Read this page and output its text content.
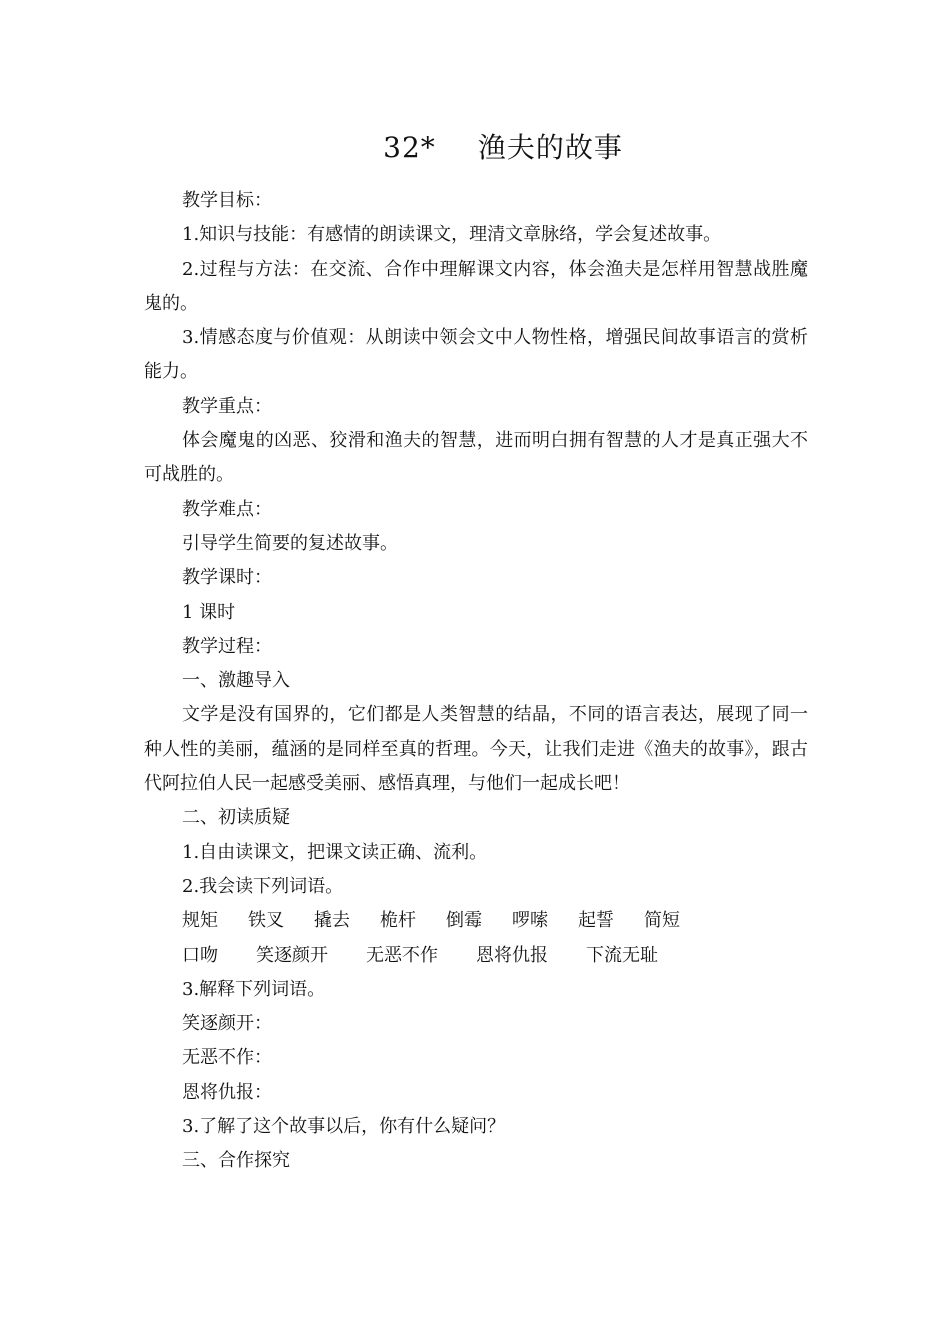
32* 渔夫的故事

教学目标：

1.知识与技能：有感情的朗读课文，理清文章脉络，学会复述故事。

2.过程与方法：在交流、合作中理解课文内容，体会渔夫是怎样用智慧战胜魔鬼的。

3.情感态度与价值观：从朗读中领会文中人物性格，增强民间故事语言的赏析能力。

教学重点：

体会魔鬼的凶恶、狡滑和渔夫的智慧，进而明白拥有智慧的人才是真正强大不可战胜的。

教学难点：

引导学生简要的复述故事。

教学课时：

1 课时

教学过程：

一、激趣导入

文学是没有国界的，它们都是人类智慧的结晶，不同的语言表达，展现了同一种人性的美丽，蕴涵的是同样至真的哲理。今天，让我们走进《渔夫的故事》，跟古代阿拉伯人民一起感受美丽、感悟真理，与他们一起成长吧！

二、初读质疑

1.自由读课文，把课文读正确、流利。

2.我会读下列词语。

规矩 铁叉 撬去 桅杆 倒霉 啰嗦 起誓 简短

口吻 笑逐颜开 无恶不作 恩将仇报 下流无耻

3.解释下列词语。

笑逐颜开：

无恶不作：

恩将仇报：

3.了解了这个故事以后，你有什么疑问？

三、合作探究
